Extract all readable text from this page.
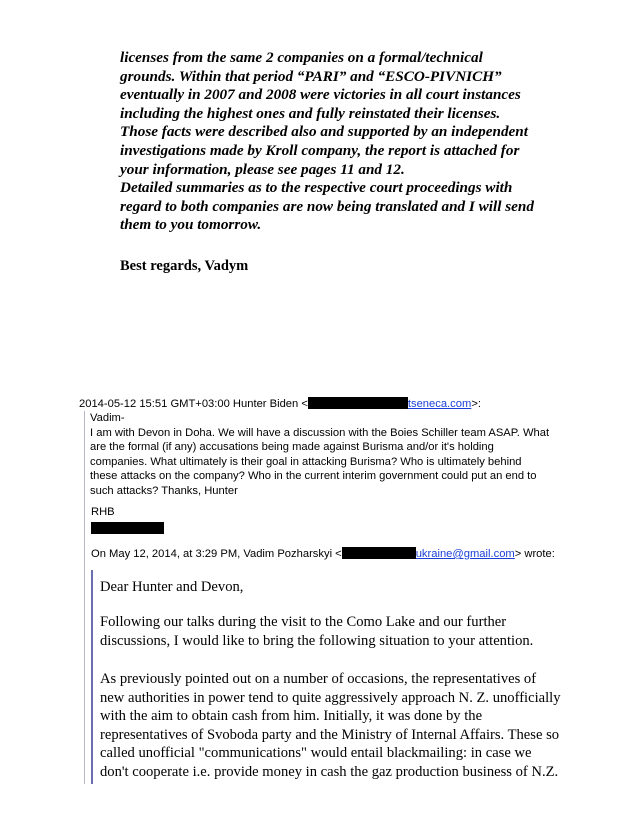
licenses from the same 2 companies on a formal/technical
grounds. Within that period “PARI” and “ESCO-PIVNICH”
eventually in 2007 and 2008 were victories in all court instances
including the highest ones and fully reinstated their licenses.
Those facts were described also and supported by an independent
investigations made by Kroll company, the report is attached for
your information, please see pages 11 and 12.
Detailed summaries as to the respective court proceedings with
regard to both companies are now being translated and I will send
them to you tomorrow.
Best regards, Vadym
2014-05-12 15:51 GMT+03:00 Hunter Biden <	tseneca.com>:
Vadim-
I am with Devon in Doha. We will have a discussion with the Boies Schiller team ASAP. What
are the formal (if any) accusations being made against Burisma and/or it's holding
companies. What ultimately is their goal in attacking Burisma? Who is ultimately behind
these attacks on the company? Who in the current interim government could put an end to
such attacks? Thanks, Hunter
RHB
On May 12, 2014, at 3:29 PM, Vadim Pozharskyi <	ukraine@gmail.com> wrote:
Dear Hunter and Devon,
Following our talks during the visit to the Como Lake and our further
discussions, I would like to bring the following situation to your attention.
As previously pointed out on a number of occasions, the representatives of
new authorities in power tend to quite aggressively approach N. Z. unofficially
with the aim to obtain cash from him. Initially, it was done by the
representatives of Svoboda party and the Ministry of Internal Affairs. These so
called unofficial "communications" would entail blackmailing: in case we
don't cooperate i.e. provide money in cash the gaz production business of N.Z.
